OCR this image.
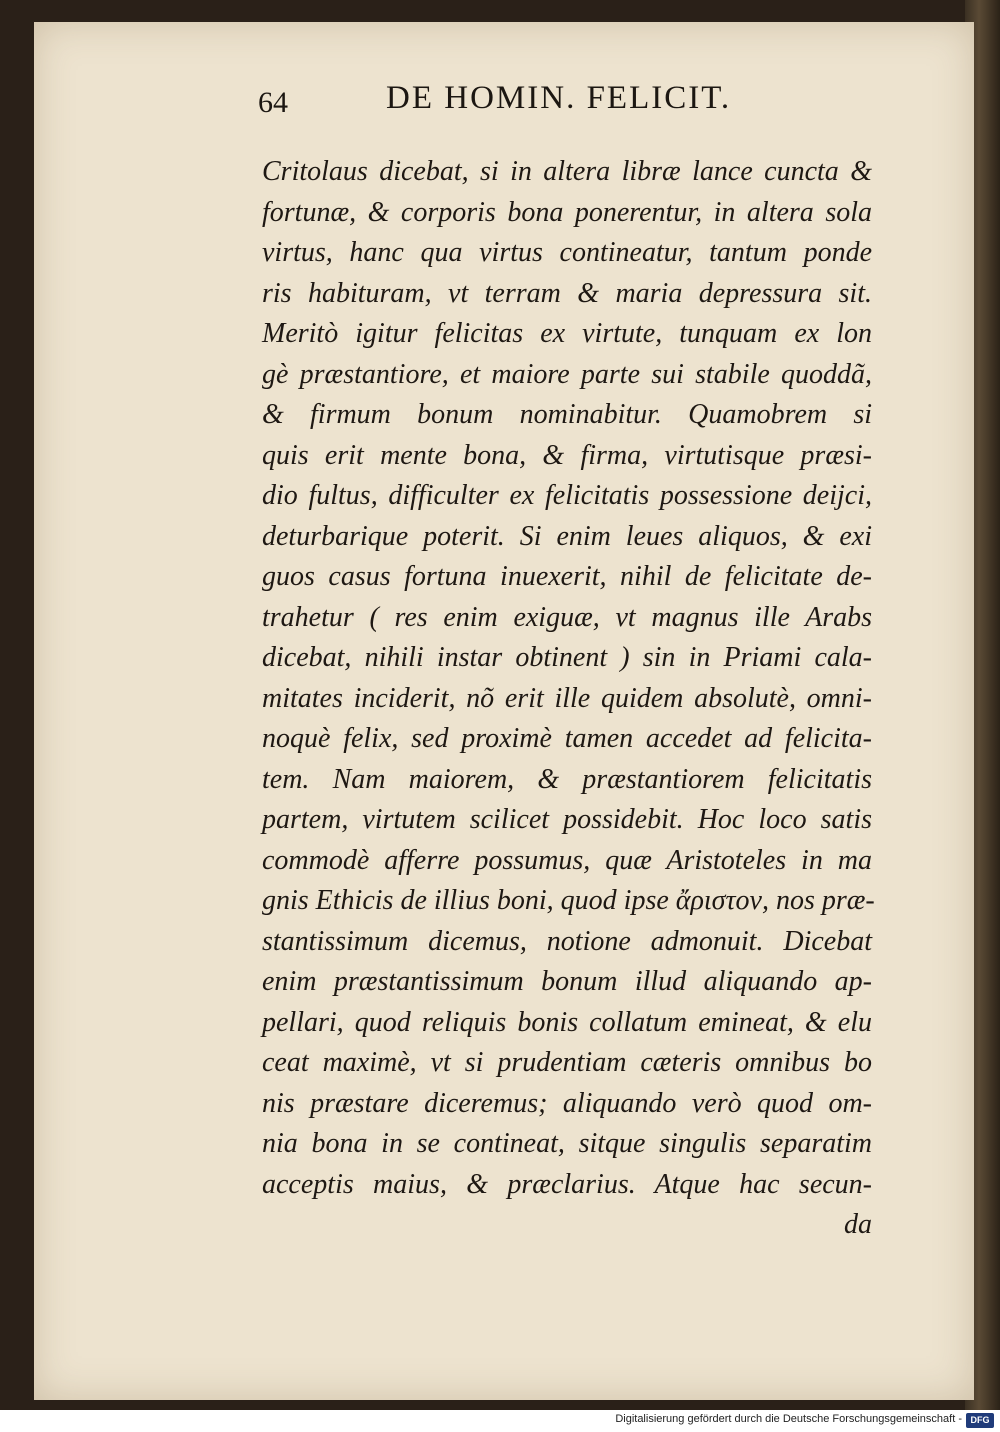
64	DE HOMIN. FELICIT.
Critolaus dicebat, si in altera libræ lance cuncta &
fortunæ, & corporis bona ponerentur, in altera sola
virtus, hanc qua virtus contineatur, tantum ponde
ris habituram, vt terram & maria depressura sit.
Meritò igitur felicitas ex virtute, tunquam ex lon
gè præstantiore, et maiore parte sui stabile quoddã,
& firmum bonum nominabitur. Quamobrem si
quis erit mente bona, & firma, virtutisque præsi-
dio fultus, difficulter ex felicitatis possessione deijci,
deturbarique poterit. Si enim leues aliquos, & exi
guos casus fortuna inuexerit, nihil de felicitate de-
trahetur ( res enim exiguæ, vt magnus ille Arabs
dicebat, nihili instar obtinent ) sin in Priami cala-
mitates inciderit, nõ erit ille quidem absolutè, omni-
noquè felix, sed proximè tamen accedet ad felicita-
tem. Nam maiorem, & præstantiorem felicitatis
partem, virtutem scilicet possidebit. Hoc loco satis
commodè afferre possumus, quæ Aristoteles in ma
gnis Ethicis de illius boni, quod ipse ἄριστον, nos præ-
stantissimum dicemus, notione admonuit. Dicebat
enim præstantissimum bonum illud aliquando ap-
pellari, quod reliquis bonis collatum emineat, & elu
ceat maximè, vt si prudentiam cæteris omnibus bo
nis præstare diceremus; aliquando verò quod om-
nia bona in se contineat, sitque singulis separatim
acceptis maius, & præclarius. Atque hac secun-
da
Digitalisierung gefördert durch die Deutsche Forschungsgemeinschaft - DFG
